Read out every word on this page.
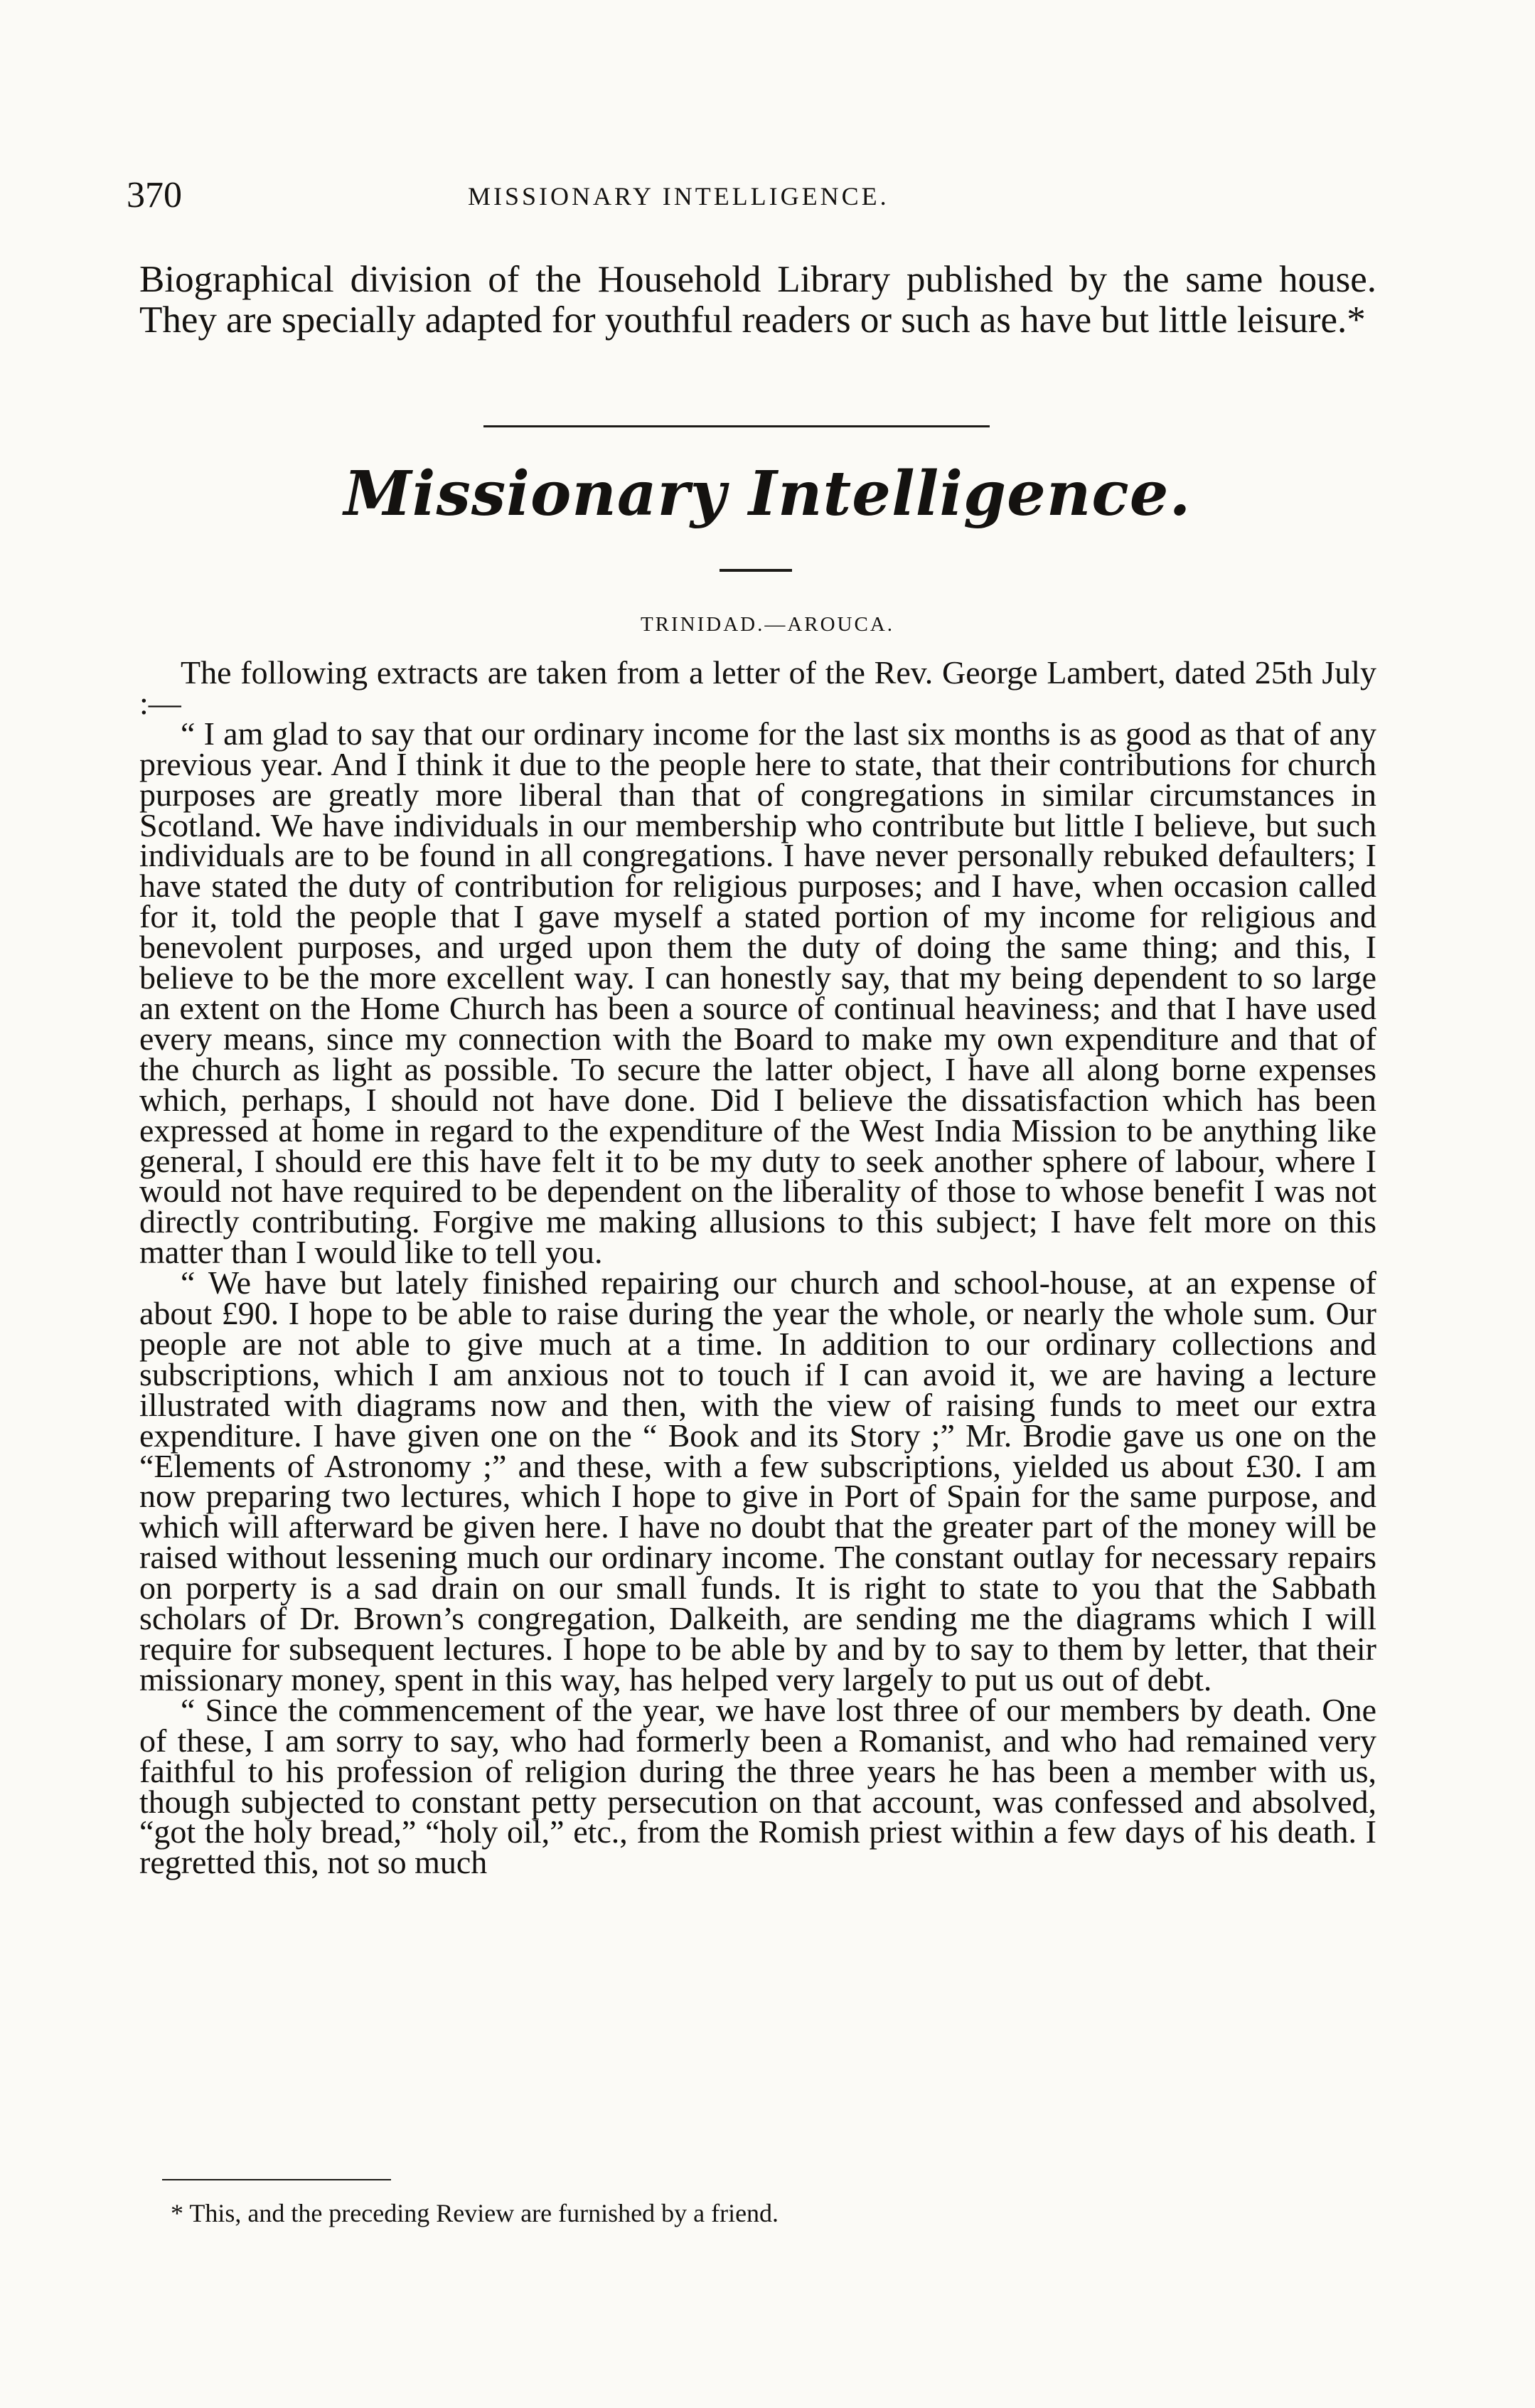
370	MISSIONARY INTELLIGENCE.

Biographical division of the Household Library published by the same house. They are specially adapted for youthful readers or such as have but little leisure.*

Missionary Intelligence.
TRINIDAD.—AROUCA.

The following extracts are taken from a letter of the Rev. George Lambert, dated 25th July :—

“ I am glad to say that our ordinary income for the last six months is as good as that of any previous year. And I think it due to the people here to state, that their contributions for church purposes are greatly more liberal than that of congregations in similar circumstances in Scotland. We have individuals in our membership who contribute but little I believe, but such individuals are to be found in all congregations. I have never personally rebuked defaulters; I have stated the duty of contribution for religious purposes; and I have, when occasion called for it, told the people that I gave myself a stated portion of my income for religious and benevolent purposes, and urged upon them the duty of doing the same thing; and this, I believe to be the more excellent way. I can honestly say, that my being dependent to so large an extent on the Home Church has been a source of continual heaviness; and that I have used every means, since my connection with the Board to make my own expenditure and that of the church as light as possible. To secure the latter object, I have all along borne expenses which, perhaps, I should not have done. Did I believe the dissatisfaction which has been expressed at home in regard to the expenditure of the West India Mission to be anything like general, I should ere this have felt it to be my duty to seek another sphere of labour, where I would not have required to be dependent on the liberality of those to whose benefit I was not directly contributing. Forgive me making allusions to this subject; I have felt more on this matter than I would like to tell you.

“ We have but lately finished repairing our church and school-house, at an expense of about £90. I hope to be able to raise during the year the whole, or nearly the whole sum. Our people are not able to give much at a time. In addition to our ordinary collections and subscriptions, which I am anxious not to touch if I can avoid it, we are having a lecture illustrated with diagrams now and then, with the view of raising funds to meet our extra expenditure. I have given one on the “ Book and its Story ;” Mr. Brodie gave us one on the “Elements of Astronomy ;” and these, with a few subscriptions, yielded us about £30. I am now preparing two lectures, which I hope to give in Port of Spain for the same purpose, and which will afterward be given here. I have no doubt that the greater part of the money will be raised without lessening much our ordinary income. The constant outlay for necessary repairs on porperty is a sad drain on our small funds. It is right to state to you that the Sabbath scholars of Dr. Brown’s congregation, Dalkeith, are sending me the diagrams which I will require for subsequent lectures. I hope to be able by and by to say to them by letter, that their missionary money, spent in this way, has helped very largely to put us out of debt.

“ Since the commencement of the year, we have lost three of our members by death. One of these, I am sorry to say, who had formerly been a Romanist, and who had remained very faithful to his profession of religion during the three years he has been a member with us, though subjected to constant petty persecution on that account, was confessed and absolved, “got the holy bread,” “holy oil,” etc., from the Romish priest within a few days of his death. I regretted this, not so much

* This, and the preceding Review are furnished by a friend.
